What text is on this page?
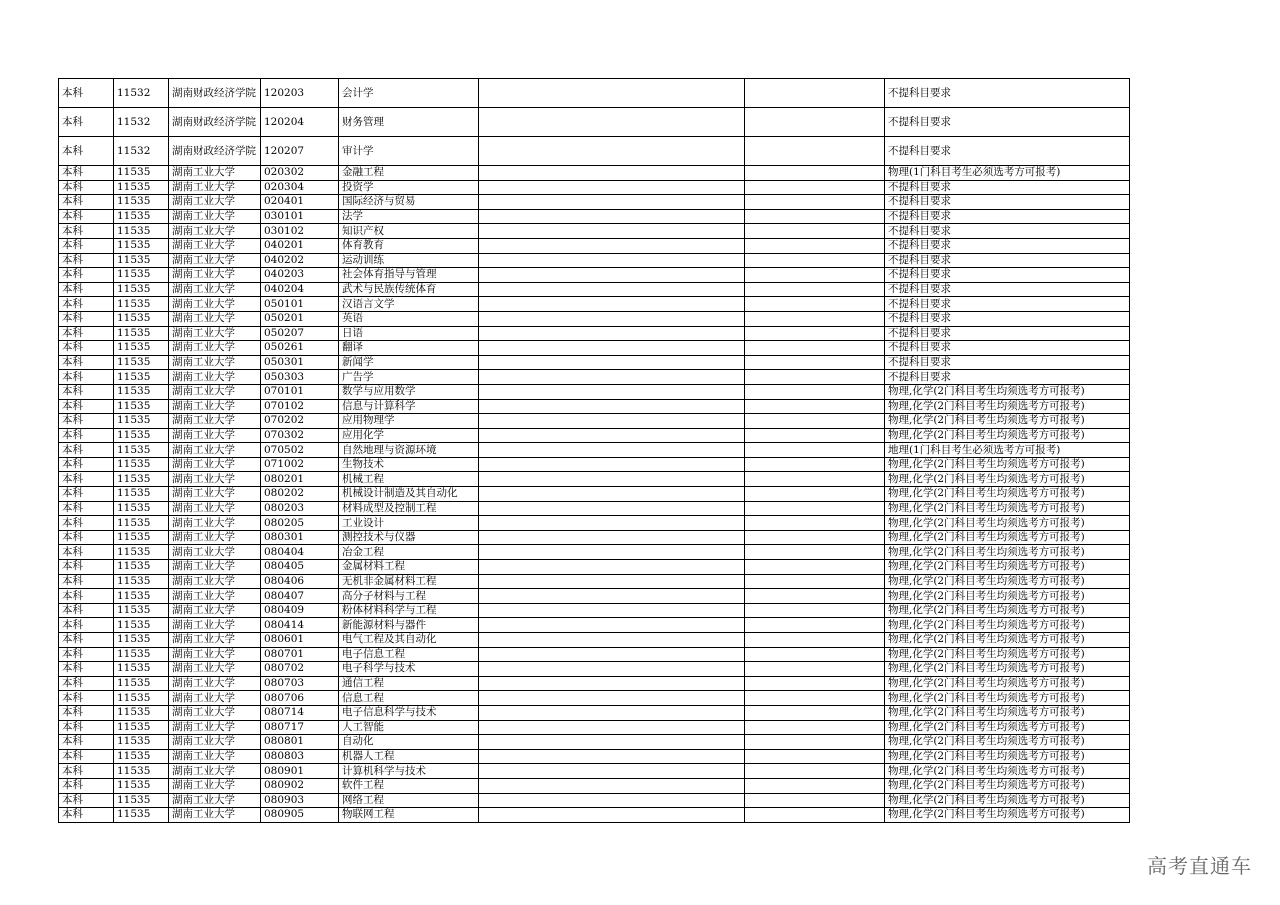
本科	11532	湖南财政经济学院	120203	会计学			不提科目要求
本科	11532	湖南财政经济学院	120204	财务管理			不提科目要求
本科	11532	湖南财政经济学院	120207	审计学			不提科目要求
本科	11535	湖南工业大学	020302	金融工程			物理(1门科目考生必须选考方可报考)
本科	11535	湖南工业大学	020304	投资学			不提科目要求
本科	11535	湖南工业大学	020401	国际经济与贸易			不提科目要求
本科	11535	湖南工业大学	030101	法学			不提科目要求
本科	11535	湖南工业大学	030102	知识产权			不提科目要求
本科	11535	湖南工业大学	040201	体育教育			不提科目要求
本科	11535	湖南工业大学	040202	运动训练			不提科目要求
本科	11535	湖南工业大学	040203	社会体育指导与管理			不提科目要求
本科	11535	湖南工业大学	040204	武术与民族传统体育			不提科目要求
本科	11535	湖南工业大学	050101	汉语言文学			不提科目要求
本科	11535	湖南工业大学	050201	英语			不提科目要求
本科	11535	湖南工业大学	050207	日语			不提科目要求
本科	11535	湖南工业大学	050261	翻译			不提科目要求
本科	11535	湖南工业大学	050301	新闻学			不提科目要求
本科	11535	湖南工业大学	050303	广告学			不提科目要求
本科	11535	湖南工业大学	070101	数学与应用数学			物理,化学(2门科目考生均须选考方可报考)
本科	11535	湖南工业大学	070102	信息与计算科学			物理,化学(2门科目考生均须选考方可报考)
本科	11535	湖南工业大学	070202	应用物理学			物理,化学(2门科目考生均须选考方可报考)
本科	11535	湖南工业大学	070302	应用化学			物理,化学(2门科目考生均须选考方可报考)
本科	11535	湖南工业大学	070502	自然地理与资源环境			地理(1门科目考生必须选考方可报考)
本科	11535	湖南工业大学	071002	生物技术			物理,化学(2门科目考生均须选考方可报考)
本科	11535	湖南工业大学	080201	机械工程			物理,化学(2门科目考生均须选考方可报考)
本科	11535	湖南工业大学	080202	机械设计制造及其自动化			物理,化学(2门科目考生均须选考方可报考)
本科	11535	湖南工业大学	080203	材料成型及控制工程			物理,化学(2门科目考生均须选考方可报考)
本科	11535	湖南工业大学	080205	工业设计			物理,化学(2门科目考生均须选考方可报考)
本科	11535	湖南工业大学	080301	测控技术与仪器			物理,化学(2门科目考生均须选考方可报考)
本科	11535	湖南工业大学	080404	冶金工程			物理,化学(2门科目考生均须选考方可报考)
本科	11535	湖南工业大学	080405	金属材料工程			物理,化学(2门科目考生均须选考方可报考)
本科	11535	湖南工业大学	080406	无机非金属材料工程			物理,化学(2门科目考生均须选考方可报考)
本科	11535	湖南工业大学	080407	高分子材料与工程			物理,化学(2门科目考生均须选考方可报考)
本科	11535	湖南工业大学	080409	粉体材料科学与工程			物理,化学(2门科目考生均须选考方可报考)
本科	11535	湖南工业大学	080414	新能源材料与器件			物理,化学(2门科目考生均须选考方可报考)
本科	11535	湖南工业大学	080601	电气工程及其自动化			物理,化学(2门科目考生均须选考方可报考)
本科	11535	湖南工业大学	080701	电子信息工程			物理,化学(2门科目考生均须选考方可报考)
本科	11535	湖南工业大学	080702	电子科学与技术			物理,化学(2门科目考生均须选考方可报考)
本科	11535	湖南工业大学	080703	通信工程			物理,化学(2门科目考生均须选考方可报考)
本科	11535	湖南工业大学	080706	信息工程			物理,化学(2门科目考生均须选考方可报考)
本科	11535	湖南工业大学	080714	电子信息科学与技术			物理,化学(2门科目考生均须选考方可报考)
本科	11535	湖南工业大学	080717	人工智能			物理,化学(2门科目考生均须选考方可报考)
本科	11535	湖南工业大学	080801	自动化			物理,化学(2门科目考生均须选考方可报考)
本科	11535	湖南工业大学	080803	机器人工程			物理,化学(2门科目考生均须选考方可报考)
本科	11535	湖南工业大学	080901	计算机科学与技术			物理,化学(2门科目考生均须选考方可报考)
本科	11535	湖南工业大学	080902	软件工程			物理,化学(2门科目考生均须选考方可报考)
本科	11535	湖南工业大学	080903	网络工程			物理,化学(2门科目考生均须选考方可报考)
本科	11535	湖南工业大学	080905	物联网工程			物理,化学(2门科目考生均须选考方可报考)
高考直通车
